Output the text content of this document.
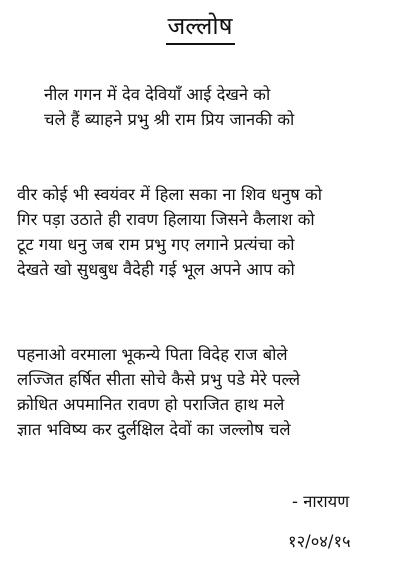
जल्लोष
नील गगन में देव देवियाँ आई देखने को
चले हैं ब्याहने प्रभु श्री राम प्रिय जानकी को
वीर कोई भी स्वयंवर में हिला सका ना शिव धनुष को
गिर पड़ा उठाते ही रावण हिलाया जिसने कैलाश को
टूट गया धनु जब राम प्रभु गए लगाने प्रत्यंचा को
देखते खो सुधबुध वैदेही गई भूल अपने आप को
पहनाओ वरमाला भूकन्ये पिता विदेह राज बोले
लज्जित हर्षित सीता सोचे कैसे प्रभु पडे मेरे पल्ले
क्रोधित अपमानित रावण हो पराजित हाथ मले
ज्ञात भविष्य कर दुर्लक्षिल देवों का जल्लोष चले
- नारायण
१२/०४/१५
